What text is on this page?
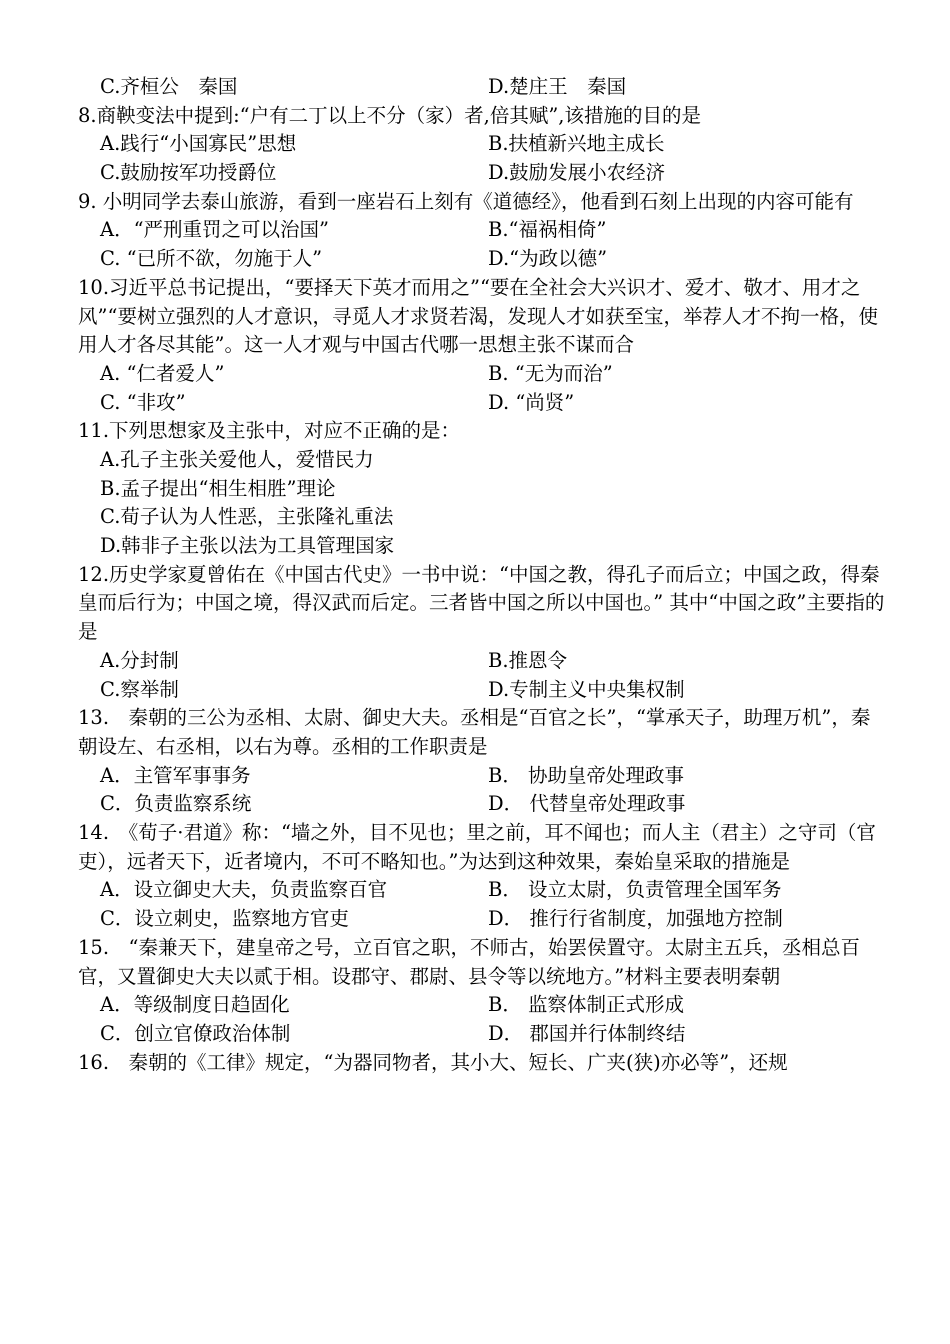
C.齐桓公　秦国	D.楚庄王　秦国
8.商鞅变法中提到:“户有二丁以上不分（家）者,倍其赋”,该措施的目的是
A.践行“小国寡民”思想	B.扶植新兴地主成长
C.鼓励按军功授爵位	D.鼓励发展小农经济
9. 小明同学去泰山旅游，看到一座岩石上刻有《道德经》，他看到石刻上出现的内容可能有
A．“严刑重罚之可以治国”	B.“福祸相倚”
C. “已所不欲，勿施于人”	D.“为政以德”
10.习近平总书记提出，“要择天下英才而用之”“要在全社会大兴识才、爱才、敬才、用才之风”“要树立强烈的人才意识，寻觅人才求贤若渴，发现人才如获至宝，举荐人才不拘一格，使用人才各尽其能”。这一人才观与中国古代哪一思想主张不谋而合
A. “仁者爱人”	B. “无为而治”
C. “非攻”	D. “尚贤”
11.下列思想家及主张中，对应不正确的是：
A.孔子主张关爱他人，爱惜民力
B.孟子提出“相生相胜”理论
C.荀子认为人性恶，主张隆礼重法
D.韩非子主张以法为工具管理国家
12.历史学家夏曾佑在《中国古代史》一书中说：“中国之教，得孔子而后立；中国之政，得秦皇而后行为；中国之境，得汉武而后定。三者皆中国之所以中国也。” 其中“中国之政”主要指的是
A.分封制	B.推恩令
C.察举制	D.专制主义中央集权制
13.　秦朝的三公为丞相、太尉、御史大夫。丞相是“百官之长”，“掌承天子，助理万机”，秦朝设左、右丞相，以右为尊。丞相的工作职责是
A．主管军事事务	B． 协助皇帝处理政事
C．负责监察系统	D． 代替皇帝处理政事
14.　《荀子·君道》称：“墙之外，目不见也；里之前，耳不闻也；而人主（君主）之守司（官吏），远者天下，近者境内，不可不略知也。”为达到这种效果，秦始皇采取的措施是
A．设立御史大夫，负责监察百官	B． 设立太尉，负责管理全国军务
C．设立刺史，监察地方官吏	D． 推行行省制度，加强地方控制
15.　“秦兼天下，建皇帝之号，立百官之职，不师古，始罢侯置守。太尉主五兵，丞相总百官，又置御史大夫以贰于相。设郡守、郡尉、县令等以统地方。”材料主要表明秦朝
A．等级制度日趋固化	B． 监察体制正式形成
C．创立官僚政治体制	D． 郡国并行体制终结
16.　秦朝的《工律》规定，“为器同物者，其小大、短长、广夹(狭)亦必等”，还规
